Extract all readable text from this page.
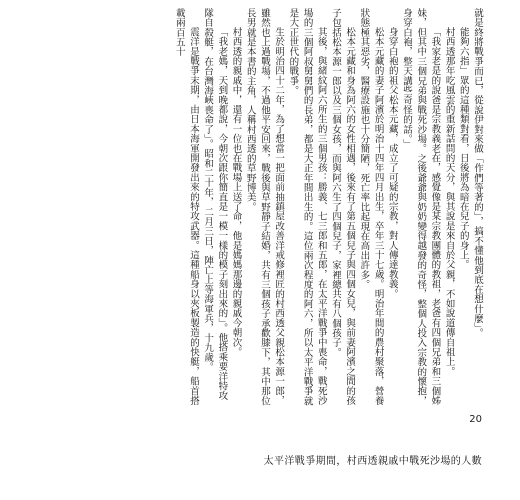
就是終將戰爭而已，從說伊對來做「作們等著的」，搞不懂他到底在想什麼」。

能夠六指」眾的這種類對看，日後將為暗在兒子的身上。

村西透那年吃風雲的重新話問的天分，與其說是來自於父親，不如說道傳自祖上。

「我家老是的說爸是宗教義老在，感覺像是某宗教團體的教祖，老爸有四個兄弟和三個姊妹，但其中三個兄弟與戰死沙場。之後爺爺與奶奶變得越發的奇怪，整個人投入宗教的懷抱，身穿白袍，整天講些奇怪的話。」

身穿白袍的祖父松本元藏，成立了可疑的宗教，對人傳達教義。

松本元藏的妻子阿濱於明治十四年四月出生，卒年三十七歲。明治年間的農村聚落，營養狀態極其惡劣，醫療設施也十分簡陋，死亡率比起現在高出許多。

松本元藏和身為阿六的女性相遇，後來有了第五個兒子與四個女兒，與前妻阿濱之間的孩子包括松本源一郎以及三個女孩，而與阿六生了四個兒子，家裡總共有八個孩子。

其後，與緒紋阿六所生的三個男孩：勝義、七三郎和五郎，在太平洋戰爭中喪命，戰死沙場的三個阿叔舅舅們的長弟，都是大正年間出生的。這位兩次程度的阿六，所以太平洋戰爭就是大正世代的戰爭。

生於明治四十二年，為了想當一把面前抽鎮屋改善洋戒修裡匠的村西透父親松本源一郎，雖然也上過戰場，不過他平安回來，戰後與草野靜子結婚，共有三個孩子承歡膝下，其中那位長男就是本書的主角，人稱村西透的草野博美。

村西透的親戚中，還有一位也在戰場上送了命，他是媽媽那邊的親戚今朝次。

「我老媽，天到晚都說，今朝次跟你簡直是一模一樣的模子刻出來的」。他搭乘要洋特攻隊自殺艇，在台灣海峽喪命了」。昭和二十年，二月三日，陣亡上等海軍兵，十九歲。

震洋是戰爭末期，由日本海軍開發出來的特攻武器。這種船身以夾板製造的快艇，船首搭載兩百五十

20
太平洋戰爭期間，村西透親戚中戰死沙場的人數
